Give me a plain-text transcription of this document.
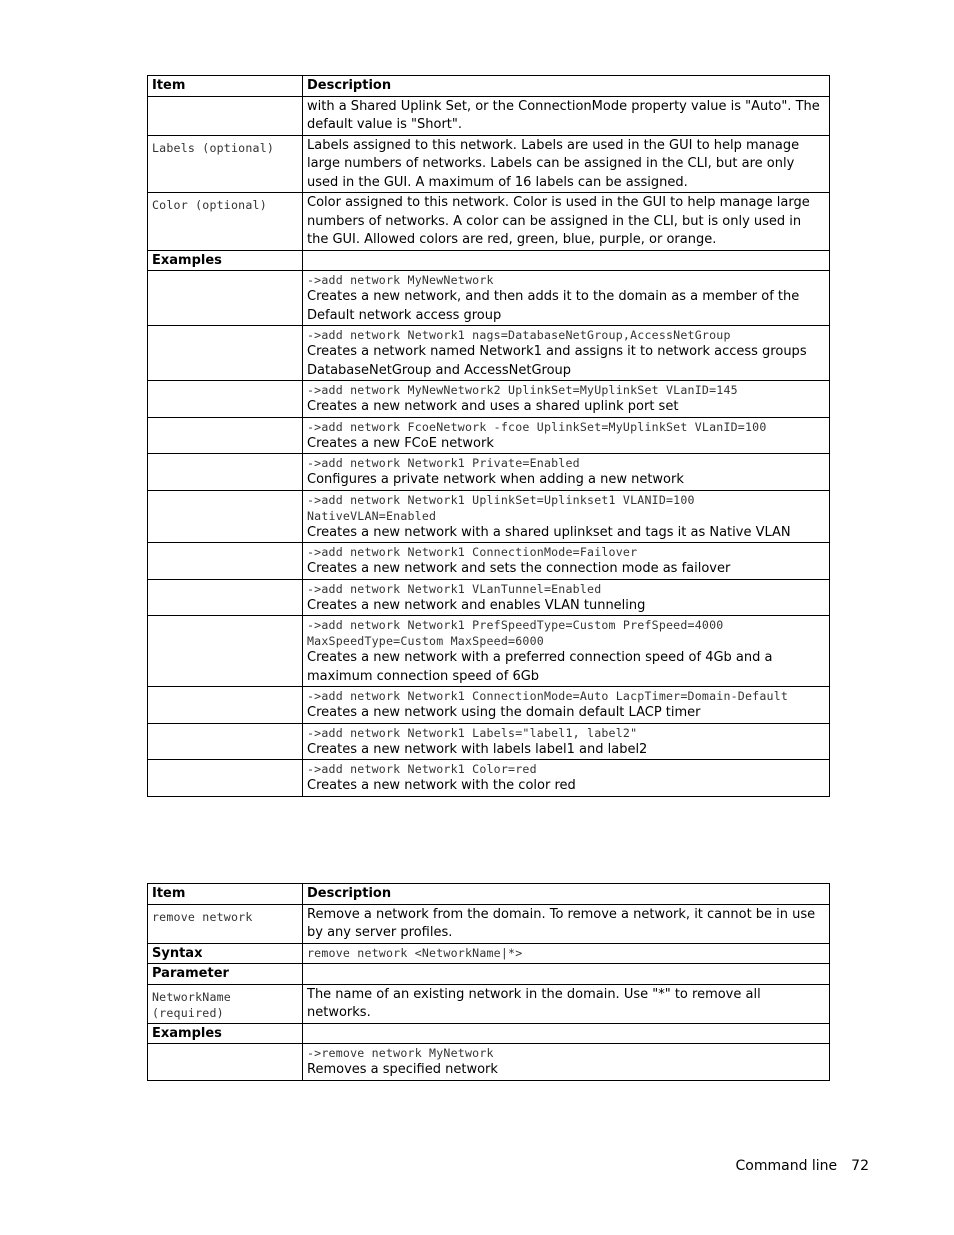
Item	Description

	with a Shared Uplink Set, or the ConnectionMode property value is "Auto". The default value is "Short".

Labels (optional)	Labels assigned to this network. Labels are used in the GUI to help manage large numbers of networks. Labels can be assigned in the CLI, but are only used in the GUI. A maximum of 16 labels can be assigned.

Color (optional)	Color assigned to this network. Color is used in the GUI to help manage large numbers of networks. A color can be assigned in the CLI, but is only used in the GUI. Allowed colors are red, green, blue, purple, or orange.
Examples	

	->add network MyNewNetwork
Creates a new network, and then adds it to the domain as a member of the Default network access group

	->add network Network1 nags=DatabaseNetGroup,AccessNetGroup
Creates a network named Network1 and assigns it to network access groups DatabaseNetGroup and AccessNetGroup

	->add network MyNewNetwork2 UplinkSet=MyUplinkSet VLanID=145
Creates a new network and uses a shared uplink port set

	->add network FcoeNetwork -fcoe UplinkSet=MyUplinkSet VLanID=100
Creates a new FCoE network

	->add network Network1 Private=Enabled
Configures a private network when adding a new network

	->add network Network1 UplinkSet=Uplinkset1 VLANID=100 NativeVLAN=Enabled
Creates a new network with a shared uplinkset and tags it as Native VLAN

	->add network Network1 ConnectionMode=Failover
Creates a new network and sets the connection mode as failover

	->add network Network1 VLanTunnel=Enabled
Creates a new network and enables VLAN tunneling

	->add network Network1 PrefSpeedType=Custom PrefSpeed=4000 MaxSpeedType=Custom MaxSpeed=6000
Creates a new network with a preferred connection speed of 4Gb and a maximum connection speed of 6Gb

	->add network Network1 ConnectionMode=Auto LacpTimer=Domain-Default
Creates a new network using the domain default LACP timer

	->add network Network1 Labels="label1, label2"
Creates a new network with labels label1 and label2

	->add network Network1 Color=red
Creates a new network with the color red
Item	Description

remove network	Remove a network from the domain. To remove a network, it cannot be in use by any server profiles.
Syntax	remove network <NetworkName|*>

Parameter	

NetworkName (required)	The name of an existing network in the domain. Use "*" to remove all networks.
Examples	

	->remove network MyNetwork
Removes a specified network
Command line 72
